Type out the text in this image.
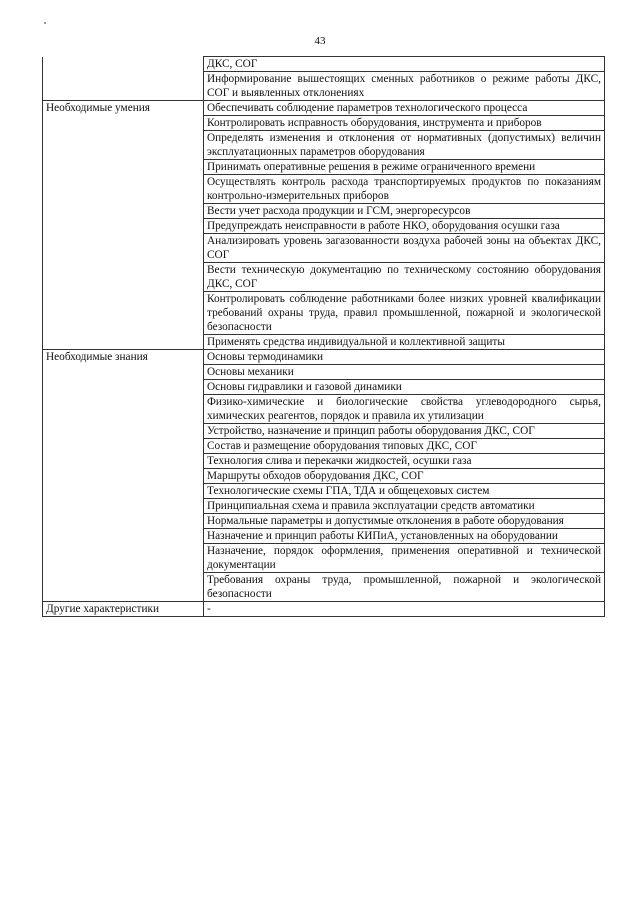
43
	ДКС, СОГ
	Информирование вышестоящих сменных работников о режиме работы ДКС, СОГ и выявленных отклонениях
Необходимые умения	Обеспечивать соблюдение параметров технологического процесса
	Контролировать исправность оборудования, инструмента и приборов
	Определять изменения и отклонения от нормативных (допустимых) величин эксплуатационных параметров оборудования
	Принимать оперативные решения в режиме ограниченного времени
	Осуществлять контроль расхода транспортируемых продуктов по показаниям контрольно-измерительных приборов
	Вести учет расхода продукции и ГСМ, энергоресурсов
	Предупреждать неисправности в работе НКО, оборудования осушки газа
	Анализировать уровень загазованности воздуха рабочей зоны на объектах ДКС, СОГ
	Вести техническую документацию по техническому состоянию оборудования ДКС, СОГ
	Контролировать соблюдение работниками более низких уровней квалификации требований охраны труда, правил промышленной, пожарной и экологической безопасности
	Применять средства индивидуальной и коллективной защиты
Необходимые знания	Основы термодинамики
	Основы механики
	Основы гидравлики и газовой динамики
	Физико-химические и биологические свойства углеводородного сырья, химических реагентов, порядок и правила их утилизации
	Устройство, назначение и принцип работы оборудования ДКС, СОГ
	Состав и размещение оборудования типовых ДКС, СОГ
	Технология слива и перекачки жидкостей, осушки газа
	Маршруты обходов оборудования ДКС, СОГ
	Технологические схемы ГПА, ТДА и общецеховых систем
	Принципиальная схема и правила эксплуатации средств автоматики
	Нормальные параметры и допустимые отклонения в работе оборудования
	Назначение и принцип работы КИПиА, установленных на оборудовании
	Назначение, порядок оформления, применения оперативной и технической документации
	Требования охраны труда, промышленной, пожарной и экологической безопасности
Другие характеристики	-
